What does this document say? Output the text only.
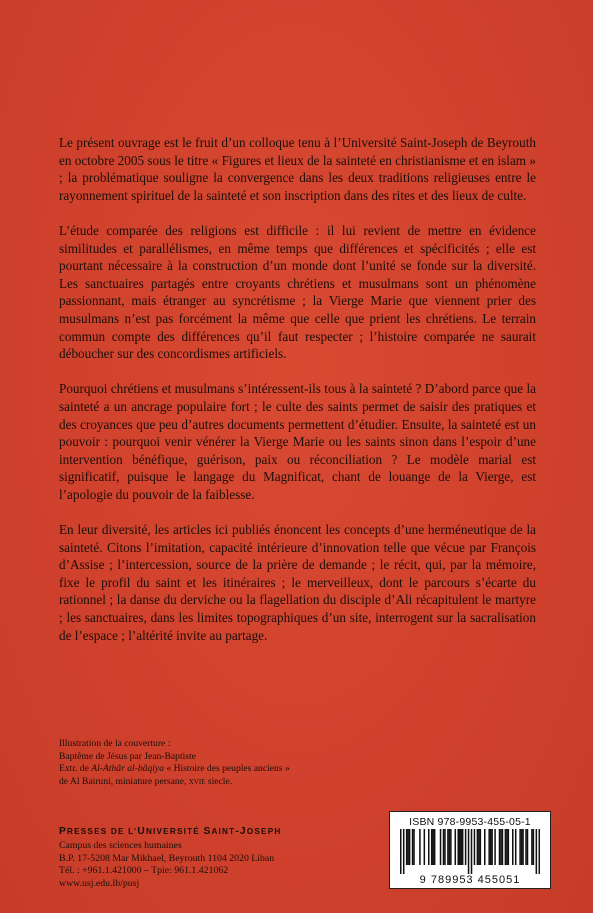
Le présent ouvrage est le fruit d’un colloque tenu à l’Université Saint-Joseph de Beyrouth en octobre 2005 sous le titre « Figures et lieux de la sainteté en christianisme et en islam » ; la problématique souligne la convergence dans les deux traditions religieuses entre le rayonnement spirituel de la sainteté et son inscription dans des rites et des lieux de culte.

L’étude comparée des religions est difficile : il lui revient de mettre en évidence similitudes et parallélismes, en même temps que différences et spécificités ; elle est pourtant nécessaire à la construction d’un monde dont l’unité se fonde sur la diversité. Les sanctuaires partagés entre croyants chrétiens et musulmans sont un phénomène passionnant, mais étranger au syncrétisme ; la Vierge Marie que viennent prier des musulmans n’est pas forcément la même que celle que prient les chrétiens. Le terrain commun compte des différences qu’il faut respecter ; l’histoire comparée ne saurait déboucher sur des concordismes artificiels.

Pourquoi chrétiens et musulmans s’intéressent-ils tous à la sainteté ? D’abord parce que la sainteté a un ancrage populaire fort ; le culte des saints permet de saisir des pratiques et des croyances que peu d’autres documents permettent d’étudier. Ensuite, la sainteté est un pouvoir : pourquoi venir vénérer la Vierge Marie ou les saints sinon dans l’espoir d’une intervention bénéfique, guérison, paix ou réconciliation ? Le modèle marial est significatif, puisque le langage du Magnificat, chant de louange de la Vierge, est l’apologie du pouvoir de la faiblesse.

En leur diversité, les articles ici publiés énoncent les concepts d’une herméneutique de la sainteté. Citons l’imitation, capacité intérieure d’innovation telle que vécue par François d’Assise ; l’intercession, source de la prière de demande ; le récit, qui, par la mémoire, fixe le profil du saint et les itinéraires ; le merveilleux, dont le parcours s’écarte du rationnel ; la danse du derviche ou la flagellation du disciple d’Ali récapitulent le martyre ; les sanctuaires, dans les limites topographiques d’un site, interrogent sur la sacralisation de l’espace ; l’altérité invite au partage.

Illustration de la couverture :
Baptême de Jésus par Jean-Baptiste
Extr. de Al-Athâr al-bâqiya « Histoire des peuples anciens »
de Al Bairuni, miniature persane, xvie siecle.
PRESSES DE L’UNIVERSITÉ SAINT-JOSEPH
Campus des sciences humaines
B.P. 17-5208 Mar Mikhael, Beyrouth 1104 2020 Liban
Tél. : +961.1.421000 – Tpie: 961.1.421062
www.usj.edu.lb/pusj
ISBN 978-9953-455-05-1
9 789953 455051
